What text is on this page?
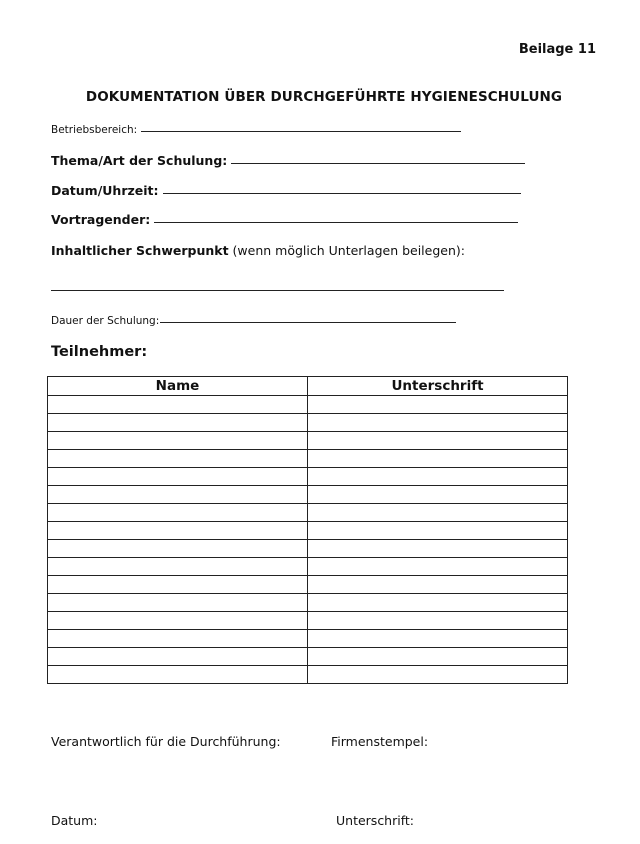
Beilage 11
DOKUMENTATION ÜBER DURCHGEFÜHRTE HYGIENESCHULUNG
Betriebsbereich:
Thema/Art der Schulung:
Datum/Uhrzeit:
Vortragender:
Inhaltlicher Schwerpunkt (wenn möglich Unterlagen beilegen):
Dauer der Schulung:
Teilnehmer:
Name	Unterschrift

Verantwortlich für die Durchführung:	Firmenstempel:
Datum:	Unterschrift:
